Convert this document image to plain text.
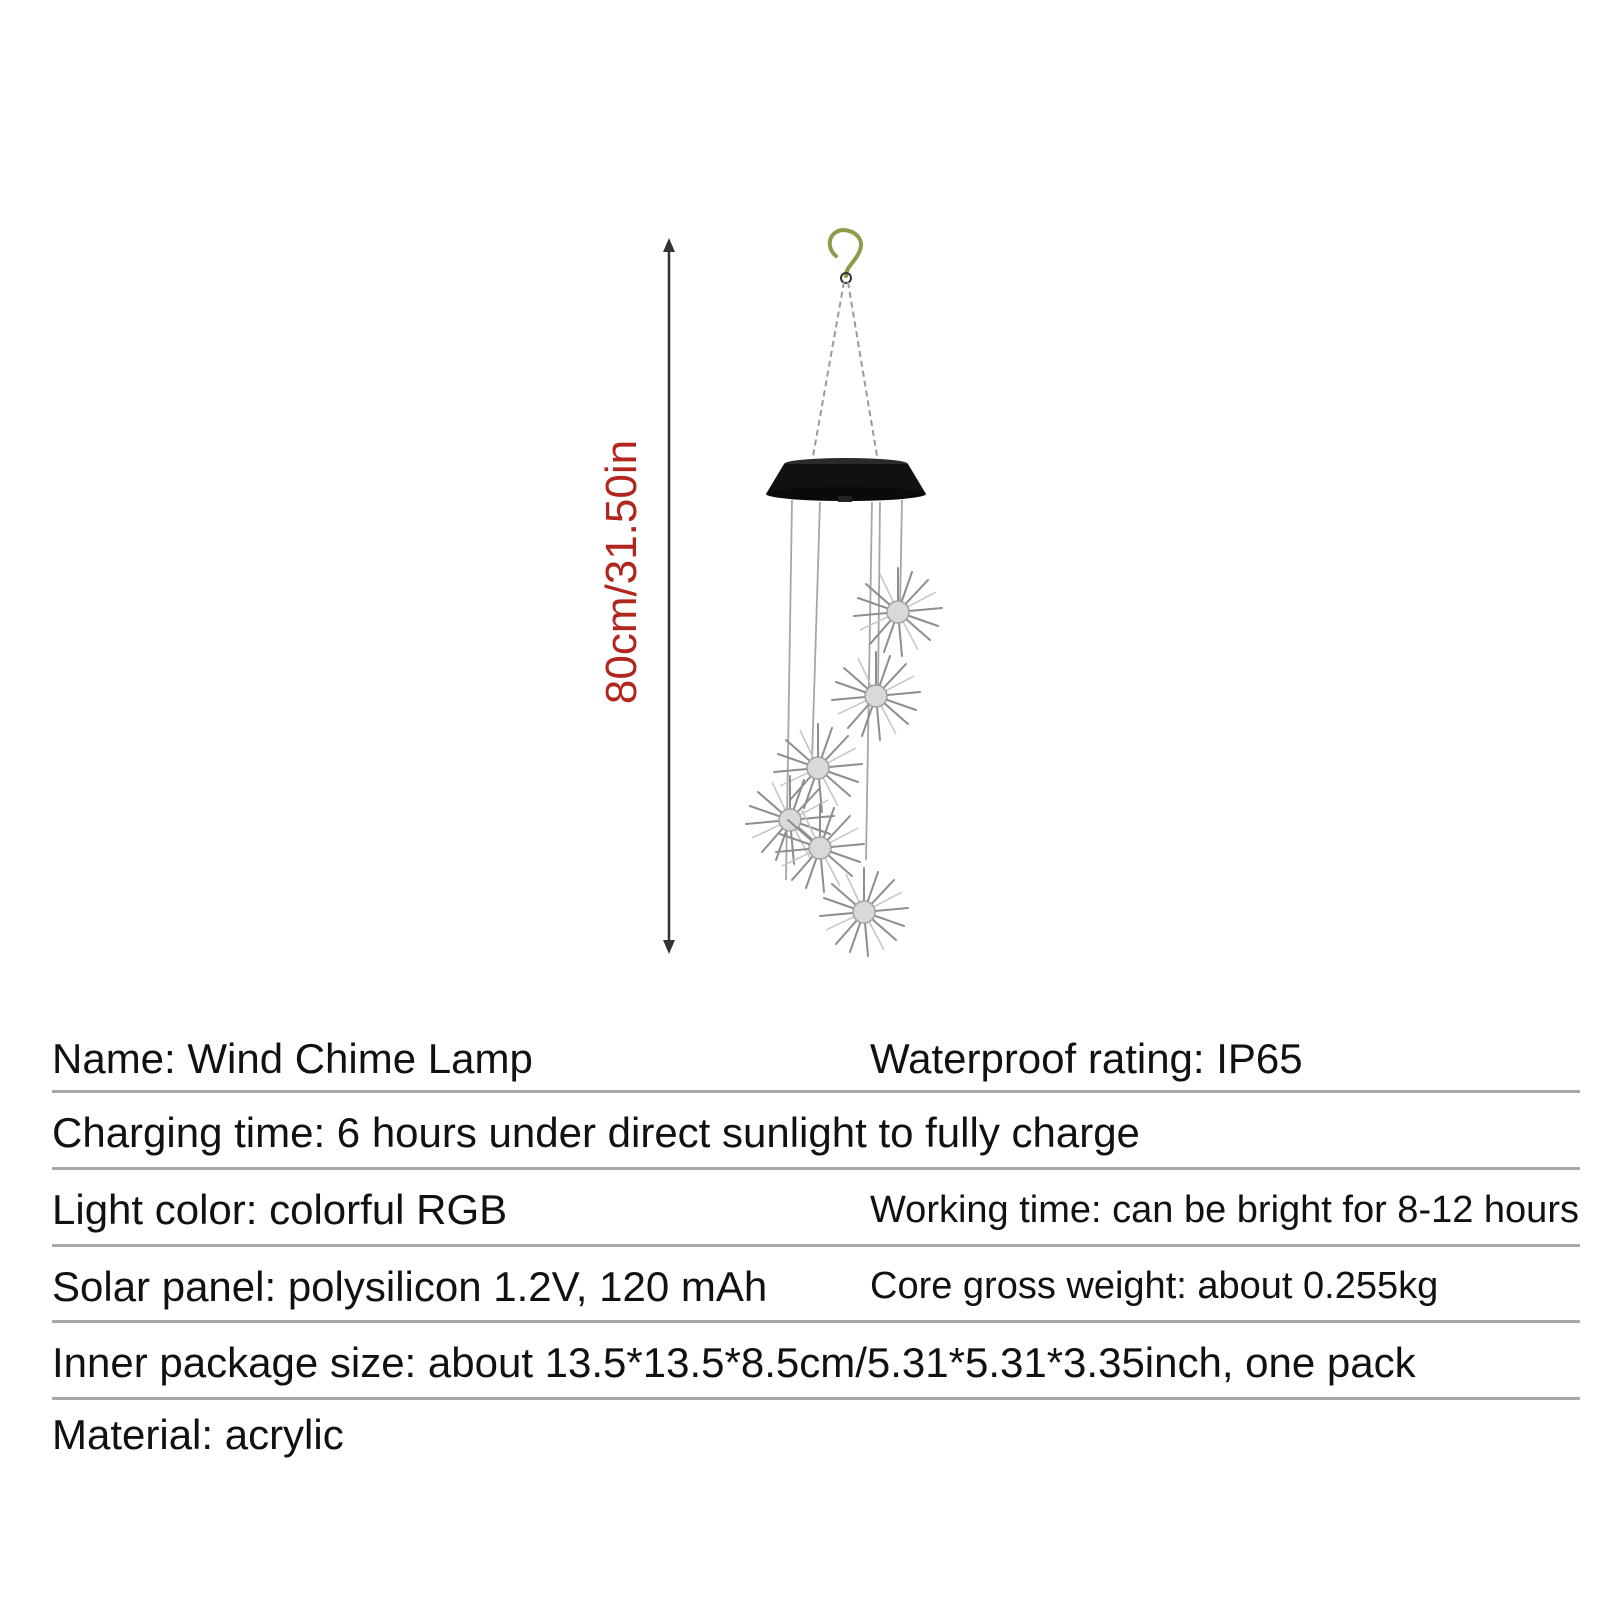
80cm/31.50in
Name: Wind Chime Lamp	Waterproof rating: IP65
Charging time: 6 hours under direct sunlight to fully charge
Light color: colorful RGB	Working time: can be bright for 8-12 hours
Solar panel: polysilicon 1.2V, 120 mAh	Core gross weight: about 0.255kg
Inner package size: about 13.5*13.5*8.5cm/5.31*5.31*3.35inch, one pack
Material: acrylic
